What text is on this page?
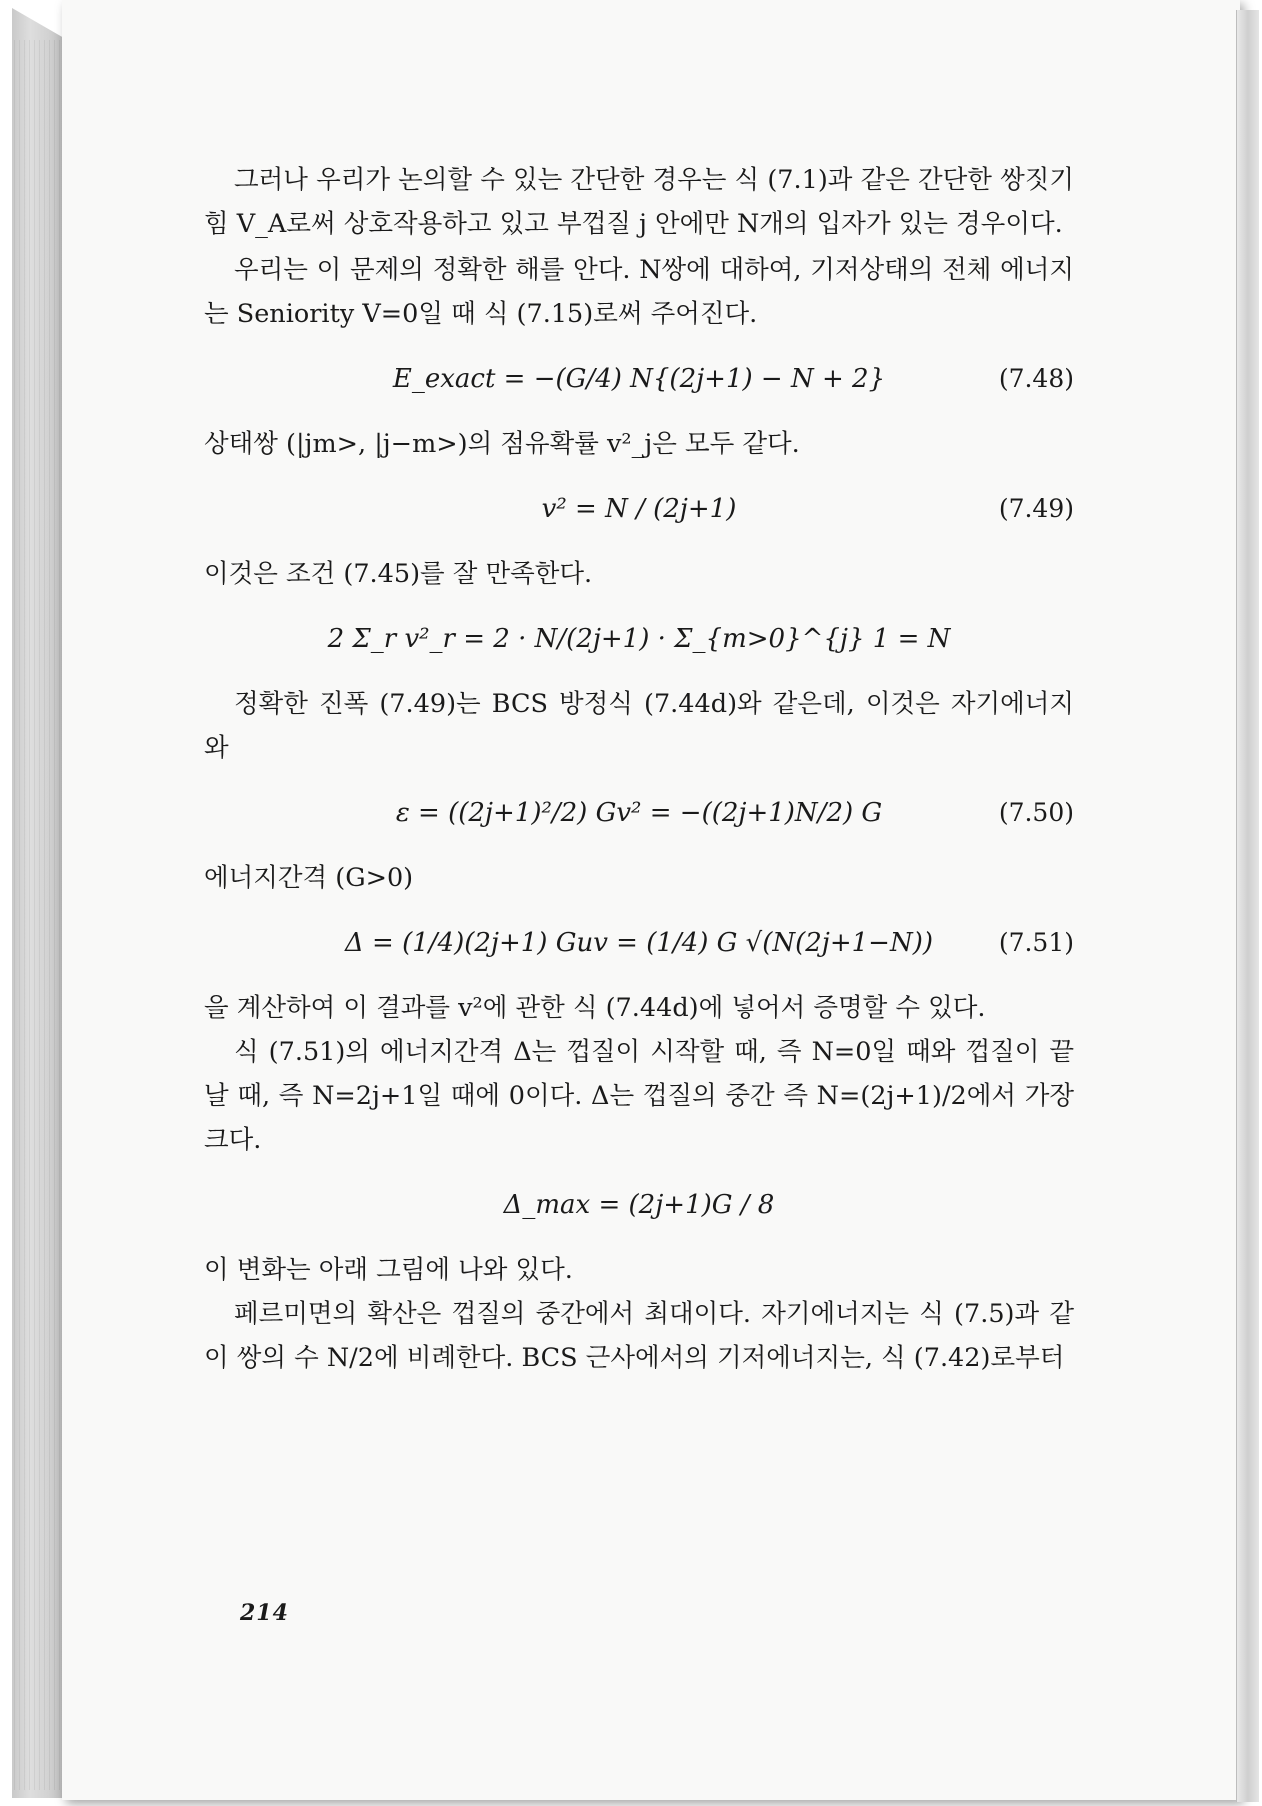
그러나 우리가 논의할 수 있는 간단한 경우는 식 (7.1)과 같은 간단한 쌍짓기 힘 V_A로써 상호작용하고 있고 부껍질 j 안에만 N개의 입자가 있는 경우이다.

우리는 이 문제의 정확한 해를 안다. N쌍에 대하여, 기저상태의 전체 에너지는 Seniority V=0일 때 식 (7.15)로써 주어진다.

E_exact = −(G/4) N{(2j+1) − N + 2}	(7.48)

상태쌍 (|jm>, |j−m>)의 점유확률 v²_j은 모두 같다.

v² = N / (2j+1)	(7.49)

이것은 조건 (7.45)를 잘 만족한다.

2 Σ_r v²_r = 2 · N/(2j+1) · Σ_{m>0}^{j} 1 = N

정확한 진폭 (7.49)는 BCS 방정식 (7.44d)와 같은데, 이것은 자기에너지와

ε = ((2j+1)²/2) Gv² = −((2j+1)N/2) G	(7.50)

에너지간격 (G>0)

Δ = (1/4)(2j+1) Guv = (1/4) G √(N(2j+1−N))	(7.51)

을 계산하여 이 결과를 v²에 관한 식 (7.44d)에 넣어서 증명할 수 있다.

식 (7.51)의 에너지간격 Δ는 껍질이 시작할 때, 즉 N=0일 때와 껍질이 끝날 때, 즉 N=2j+1일 때에 0이다. Δ는 껍질의 중간 즉 N=(2j+1)/2에서 가장 크다.

Δ_max = (2j+1)G / 8

이 변화는 아래 그림에 나와 있다.

페르미면의 확산은 껍질의 중간에서 최대이다. 자기에너지는 식 (7.5)과 같이 쌍의 수 N/2에 비례한다. BCS 근사에서의 기저에너지는, 식 (7.42)로부터

214
